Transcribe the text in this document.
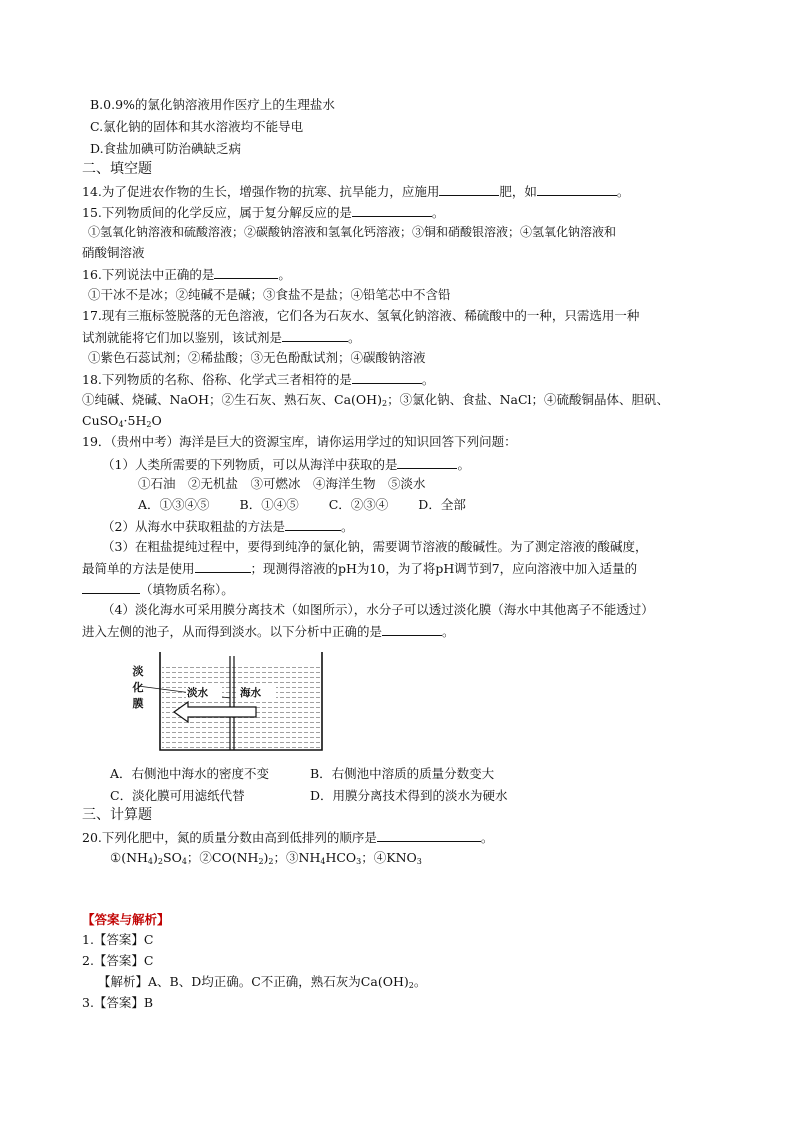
B.0.9%的氯化钠溶液用作医疗上的生理盐水
C.氯化钠的固体和其水溶液均不能导电
D.食盐加碘可防治碘缺乏病
二、填空题
14.为了促进农作物的生长，增强作物的抗寒、抗旱能力，应施用	肥，如	。
15.下列物质间的化学反应，属于复分解反应的是	。
①氢氧化钠溶液和硫酸溶液；②碳酸钠溶液和氢氧化钙溶液；③铜和硝酸银溶液；④氢氧化钠溶液和
硝酸铜溶液
16.下列说法中正确的是	。
①干冰不是冰；②纯碱不是碱；③食盐不是盐；④铅笔芯中不含铅
17.现有三瓶标签脱落的无色溶液，它们各为石灰水、氢氧化钠溶液、稀硫酸中的一种，只需选用一种
试剂就能将它们加以鉴别，该试剂是	。
①紫色石蕊试剂；②稀盐酸；③无色酚酞试剂；④碳酸钠溶液
18.下列物质的名称、俗称、化学式三者相符的是	。
①纯碱、烧碱、NaOH；②生石灰、熟石灰、$Ca(OH)_2$；③氯化钠、食盐、NaCl；④硫酸铜晶体、胆矾、
$CuSO_4\cdot 5H_2O$
19．（贵州中考）海洋是巨大的资源宝库，请你运用学过的知识回答下列问题：
（1）人类所需要的下列物质，可以从海洋中获取的是	。
①石油　②无机盐　③可燃冰　④海洋生物　⑤淡水
A．①③④⑤ B．①④⑤ C．②③④ D．全部
（2）从海水中获取粗盐的方法是	。
（3）在粗盐提纯过程中，要得到纯净的氯化钠，需要调节溶液的酸碱性。为了测定溶液的酸碱度，
最简单的方法是使用	；现测得溶液的pH为10，为了将pH调节到7，应向溶液中加入适量的
（填物质名称）。
（4）淡化海水可采用膜分离技术（如图所示），水分子可以透过淡化膜（海水中其他离子不能透过）
进入左侧的池子，从而得到淡水。以下分析中正确的是	。
淡
化
膜
淡水	海水
A．右侧池中海水的密度不变	B．右侧池中溶质的质量分数变大
C．淡化膜可用滤纸代替	D．用膜分离技术得到的淡水为硬水
三、计算题
20.下列化肥中，氮的质量分数由高到低排列的顺序是	。
$①(NH_4)_2SO_4$；$②CO(NH_2)_2$；$③NH_4HCO_3$；$④KNO_3$
【答案与解析】
1.【答案】C
2.【答案】C
【解析】A、B、D均正确。C不正确，熟石灰为$Ca(OH)_2$。
3.【答案】B
